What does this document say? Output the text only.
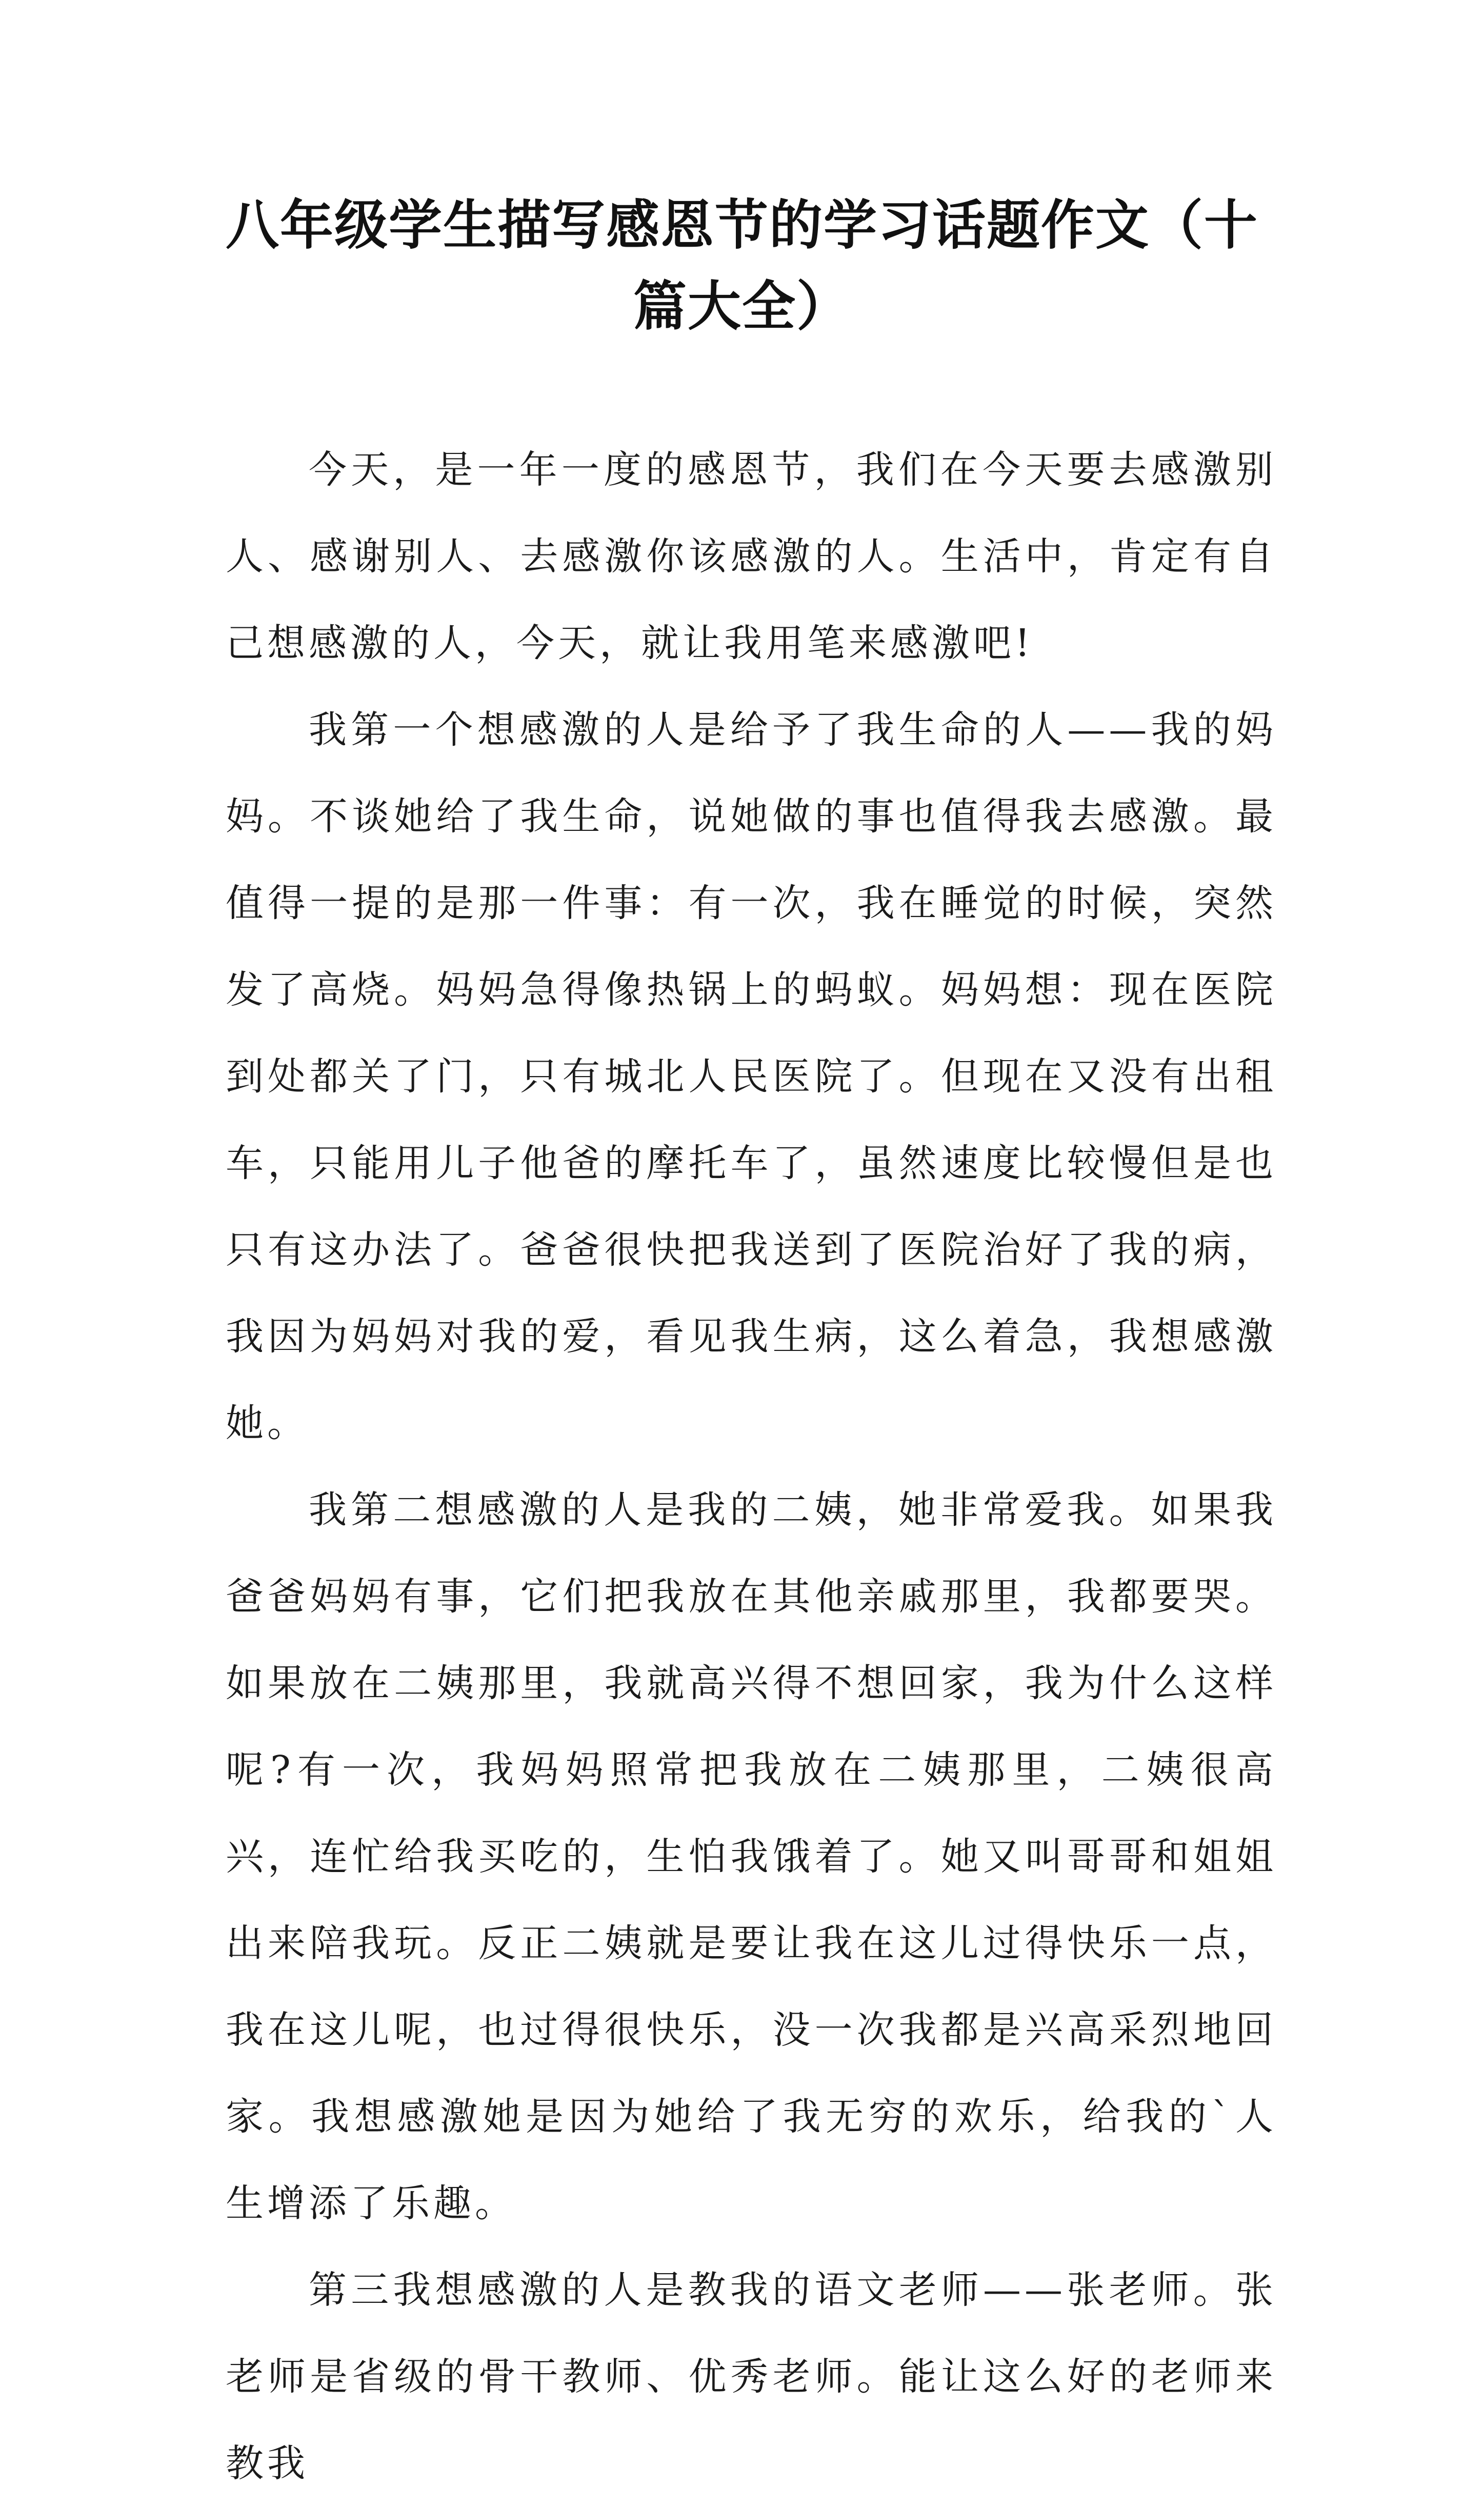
八年级学生描写感恩节的学习话题作文（十篇大全）

今天，是一年一度的感恩节，我们在今天要去感激别人、感谢别人、去感激你该感激的人。生活中，肯定有自己想感激的人，今天，就让我用笔来感激吧!

我第一个想感激的人是给予了我生命的人——我的妈妈。不谈她给了我生命，说她做的事也值得我去感激。最值得一提的是那一件事：有一次，我在睡觉的时候，突然发了高烧。妈妈急得像热锅上的蚂蚁。妈妈想：现在医院到处都关了门，只有城北人民医院了。但现在又没有出租车，只能用儿子他爸的摩托车了，虽然速度比较慢但是也只有这办法了。爸爸很快把我送到了医院治好了我的病，我因为妈妈对我的爱，看见我生病，这么着急，我想感激她。

我第二想感激的人是我的二姨，她非常爱我。如果我爸爸妈妈有事，它们把我放在其他亲戚那里，我都要哭。如果放在二姨那里，我就高兴得不想回家，我为什么这样呢?有一次，我妈妈照常把我放在二姨那里，二姨很高兴，连忙给我买吃的，生怕我饿着了。她又叫哥哥和姐姐出来陪我玩。反正二姨就是要让我在这儿过得快乐一点，我在这儿呢，也过得很快乐，没一次我都是兴高采烈地回家。我想感激她是因为她给了我无穷的欢乐，给我的`人生增添了乐趣。

第三我想感激的人是教我的语文老师——张老师。张老师是省级的骨干教师、优秀老师。能让这么好的老师来教我
